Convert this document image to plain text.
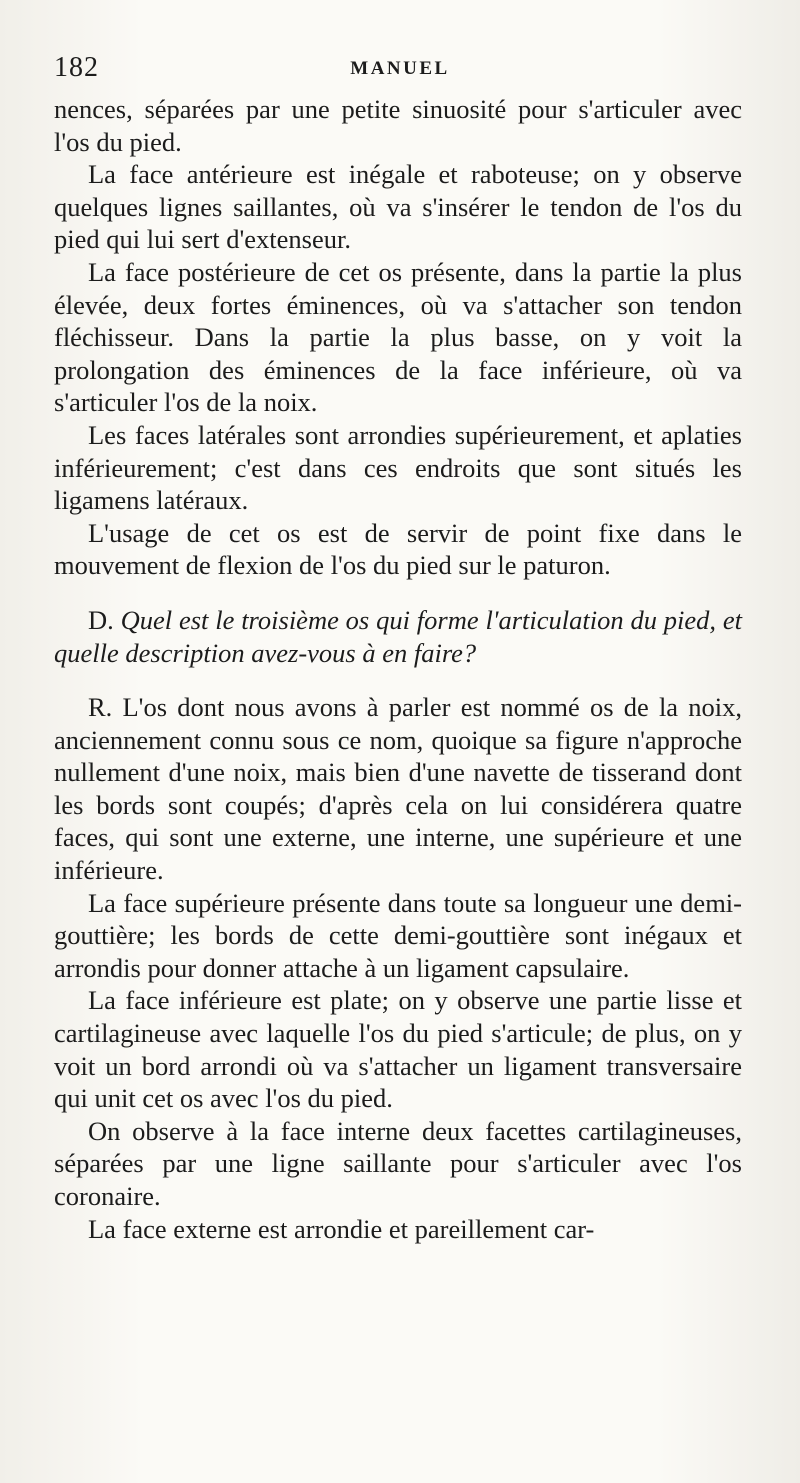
182	MANUEL

nences, séparées par une petite sinuosité pour s'articuler avec l'os du pied.

La face antérieure est inégale et raboteuse; on y observe quelques lignes saillantes, où va s'insérer le tendon de l'os du pied qui lui sert d'extenseur.

La face postérieure de cet os présente, dans la partie la plus élevée, deux fortes éminences, où va s'attacher son tendon fléchisseur. Dans la partie la plus basse, on y voit la prolongation des éminences de la face inférieure, où va s'articuler l'os de la noix.

Les faces latérales sont arrondies supérieurement, et aplaties inférieurement; c'est dans ces endroits que sont situés les ligamens latéraux.

L'usage de cet os est de servir de point fixe dans le mouvement de flexion de l'os du pied sur le paturon.

D. Quel est le troisième os qui forme l'articulation du pied, et quelle description avez-vous à en faire?

R. L'os dont nous avons à parler est nommé os de la noix, anciennement connu sous ce nom, quoique sa figure n'approche nullement d'une noix, mais bien d'une navette de tisserand dont les bords sont coupés; d'après cela on lui considérera quatre faces, qui sont une externe, une interne, une supérieure et une inférieure.

La face supérieure présente dans toute sa longueur une demi-gouttière; les bords de cette demi-gouttière sont inégaux et arrondis pour donner attache à un ligament capsulaire.

La face inférieure est plate; on y observe une partie lisse et cartilagineuse avec laquelle l'os du pied s'articule; de plus, on y voit un bord arrondi où va s'attacher un ligament transversaire qui unit cet os avec l'os du pied.

On observe à la face interne deux facettes cartilagineuses, séparées par une ligne saillante pour s'articuler avec l'os coronaire.

La face externe est arrondie et pareillement car-
